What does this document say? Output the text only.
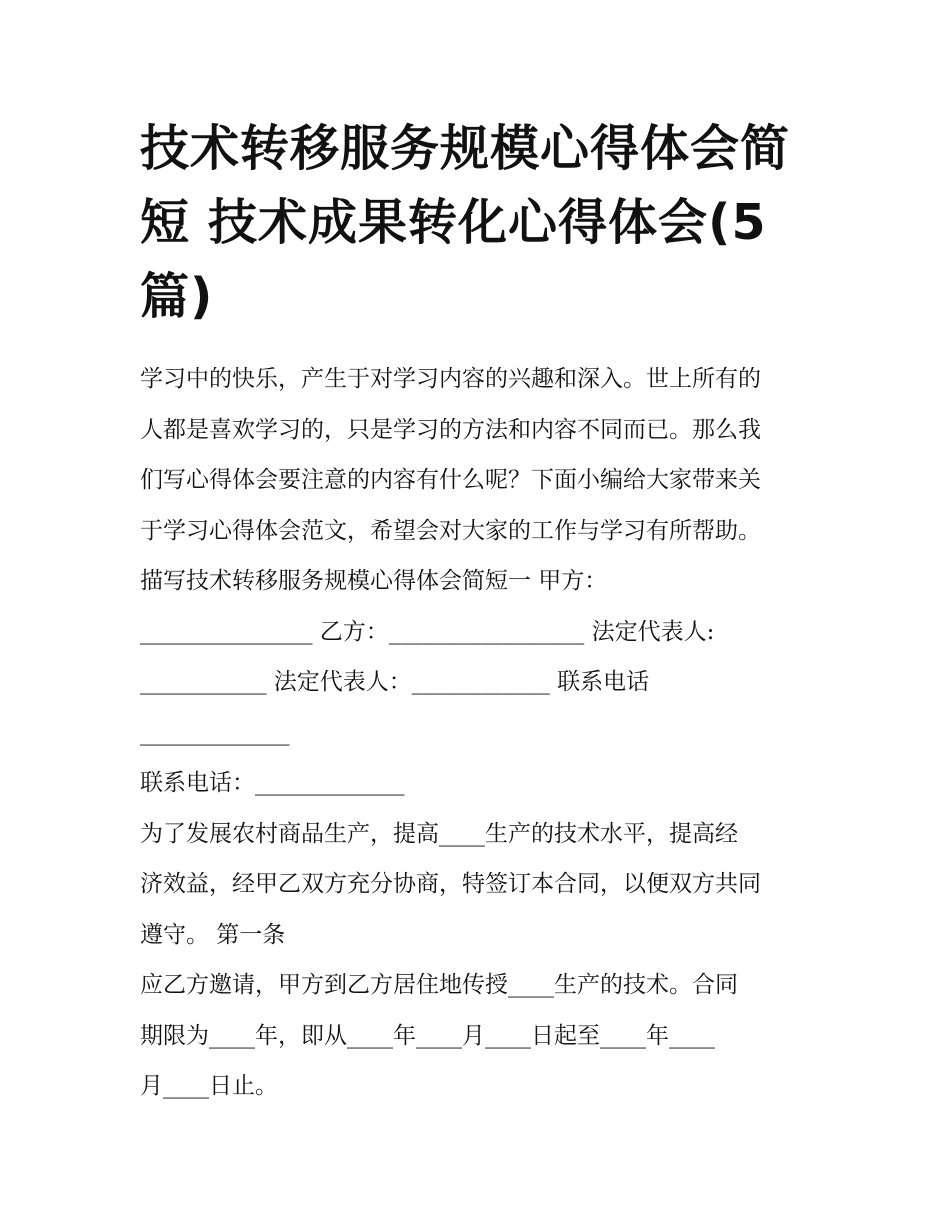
技术转移服务规模心得体会简
短 技术成果转化心得体会(5
篇)
学习中的快乐，产生于对学习内容的兴趣和深入。世上所有的
人都是喜欢学习的，只是学习的方法和内容不同而已。那么我
们写心得体会要注意的内容有什么呢？下面小编给大家带来关
于学习心得体会范文，希望会对大家的工作与学习有所帮助。
描写技术转移服务规模心得体会简短一 甲方：
_______________ 乙方：_________________ 法定代表人:
___________ 法定代表人：____________ 联系电话
_____________
联系电话：_____________
为了发展农村商品生产，提高____生产的技术水平，提高经
济效益，经甲乙双方充分协商，特签订本合同，以便双方共同
遵守。 第一条
应乙方邀请，甲方到乙方居住地传授____生产的技术。合同
期限为____年，即从____年____月____日起至____年____
月____日止。
